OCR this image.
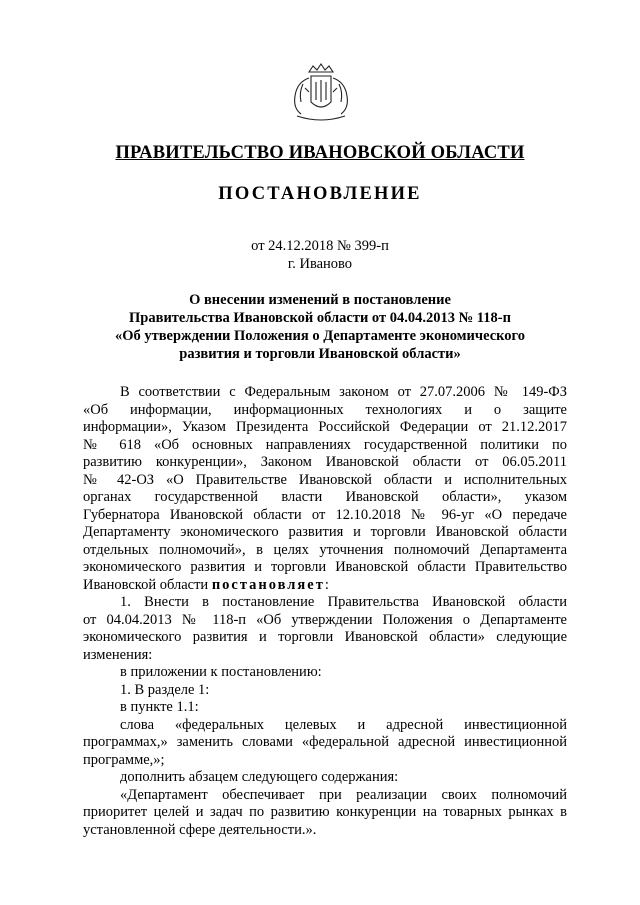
ПРАВИТЕЛЬСТВО ИВАНОВСКОЙ ОБЛАСТИ
ПОСТАНОВЛЕНИЕ
от 24.12.2018 № 399-п
г. Иваново
О внесении изменений в постановление
Правительства Ивановской области от 04.04.2013 № 118-п
«Об утверждении Положения о Департаменте экономического
развития и торговли Ивановской области»
В соответствии с Федеральным законом от 27.07.2006 № 149-ФЗ
«Об информации, информационных технологиях и о защите
информации», Указом Президента Российской Федерации от 21.12.2017
№ 618 «Об основных направлениях государственной политики по
развитию конкуренции», Законом Ивановской области от 06.05.2011
№ 42-ОЗ «О Правительстве Ивановской области и исполнительных
органах государственной власти Ивановской области», указом
Губернатора Ивановской области от 12.10.2018 № 96-уг «О передаче
Департаменту экономического развития и торговли Ивановской области
отдельных полномочий», в целях уточнения полномочий Департамента
экономического развития и торговли Ивановской области Правительство
Ивановской области постановляет:
1. Внести в постановление Правительства Ивановской области
от 04.04.2013 № 118-п «Об утверждении Положения о Департаменте
экономического развития и торговли Ивановской области» следующие
изменения:
в приложении к постановлению:
1. В разделе 1:
в пункте 1.1:
слова «федеральных целевых и адресной инвестиционной
программах,» заменить словами «федеральной адресной инвестиционной
программе,»;
дополнить абзацем следующего содержания:
«Департамент обеспечивает при реализации своих полномочий
приоритет целей и задач по развитию конкуренции на товарных рынках в
установленной сфере деятельности.».
